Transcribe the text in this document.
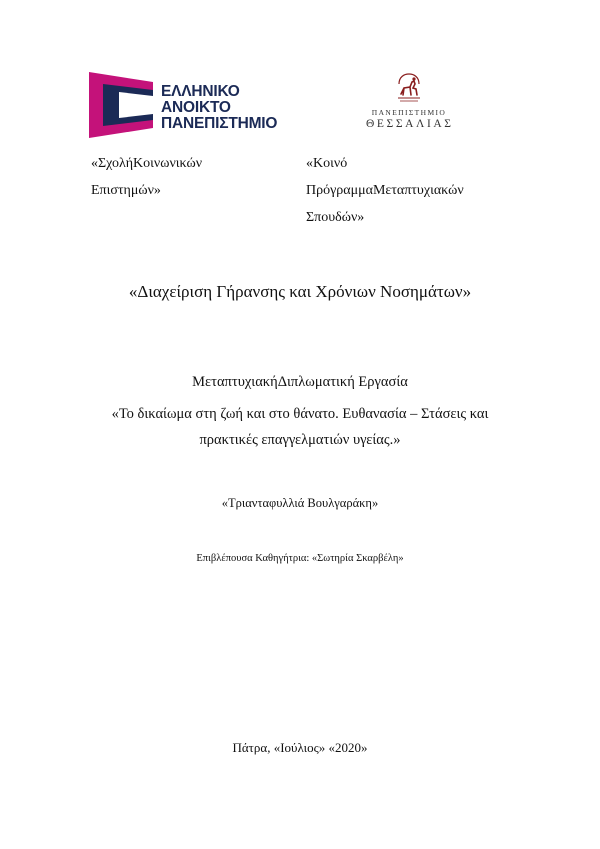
ΕΛΛΗΝΙΚΟ
ΑΝΟΙΚΤΟ
ΠΑΝΕΠΙΣΤΗΜΙΟ
ΠΑΝΕΠΙΣΤΗΜΙΟ
ΘΕΣΣΑΛΙΑΣ
«ΣχολήΚοινωνικών
Επιστημών»
«Κοινό
ΠρόγραμμαΜεταπτυχιακών
Σπουδών»
«Διαχείριση Γήρανσης και Χρόνιων Νοσημάτων»
ΜεταπτυχιακήΔιπλωματική Εργασία
«Το δικαίωμα στη ζωή και στο θάνατο. Ευθανασία – Στάσεις και
πρακτικές επαγγελματιών υγείας.»
«Τριανταφυλλιά Βουλγαράκη»
Επιβλέπουσα Καθηγήτρια: «Σωτηρία Σκαρβέλη»
Πάτρα, «Ιούλιος» «2020»
